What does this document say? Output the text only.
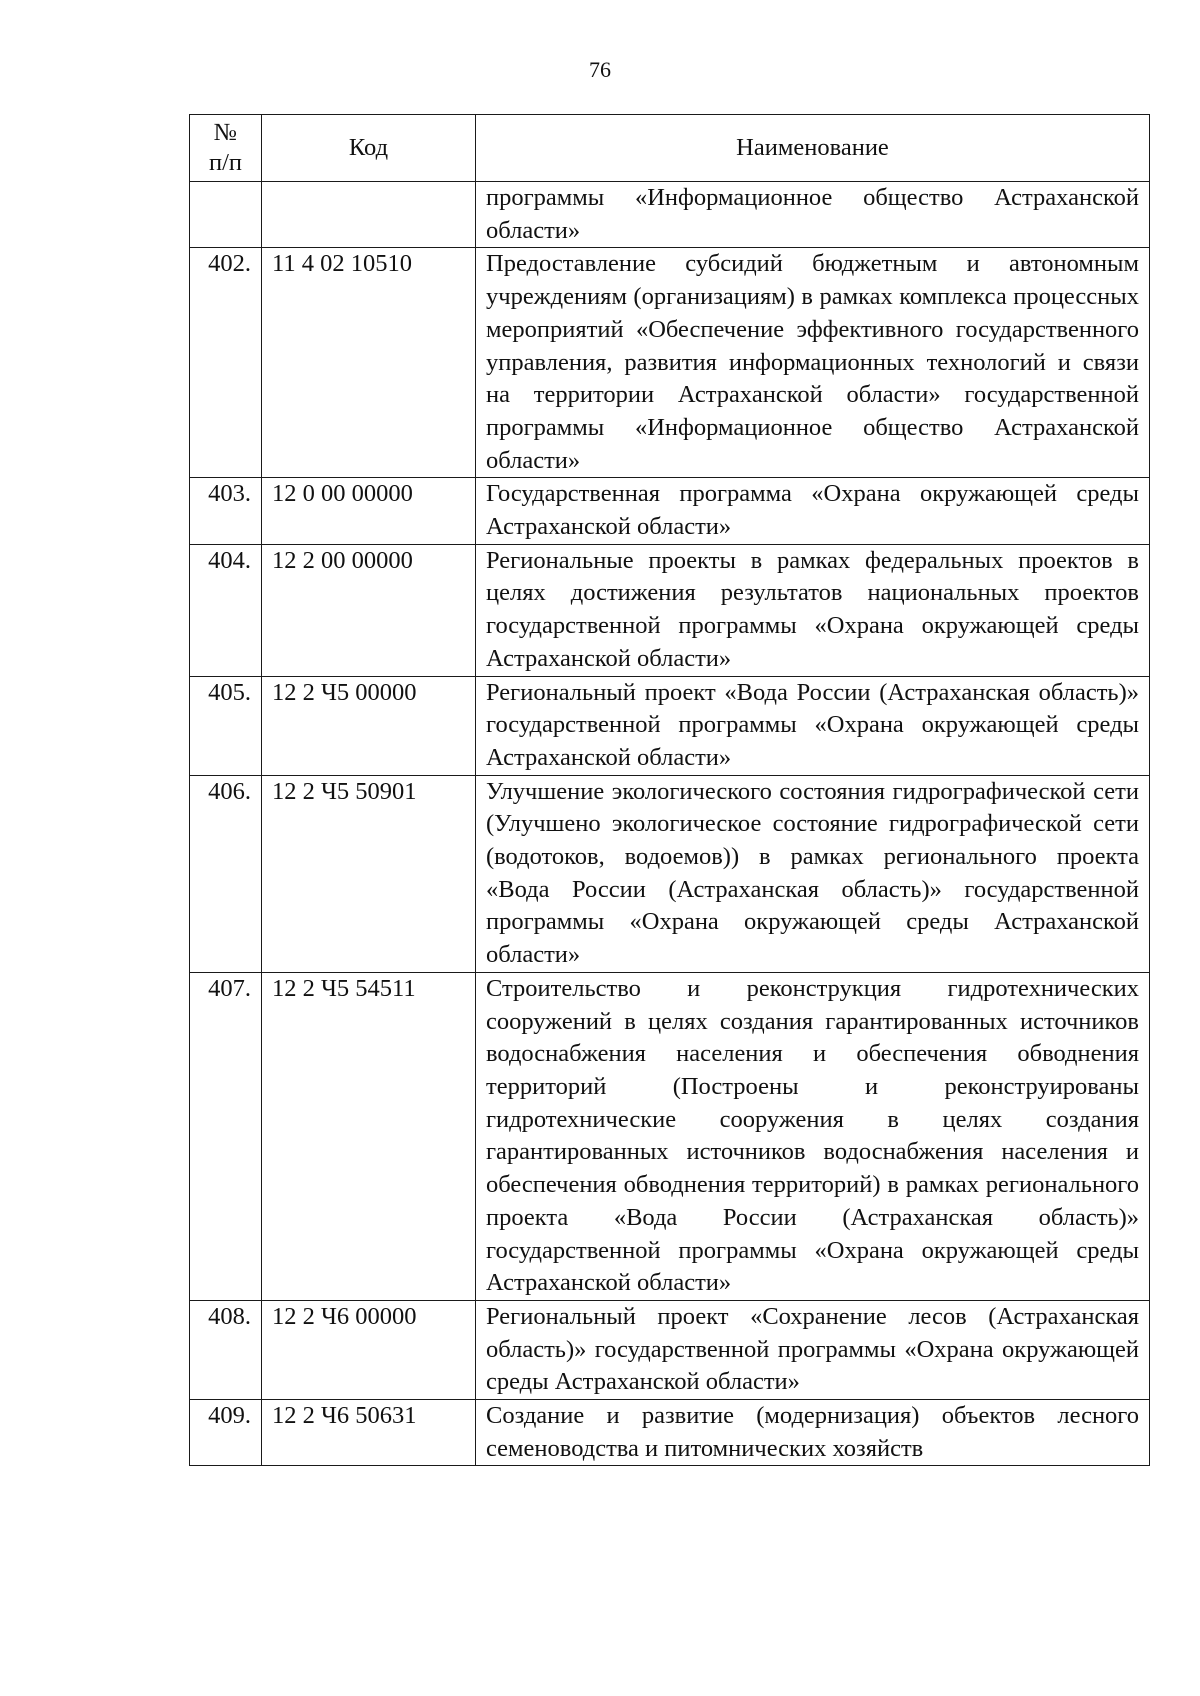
76
№ п/п	Код	Наименование
		программы «Информационное общество Астраханской области»
402.	11 4 02 10510	Предоставление субсидий бюджетным и автономным учреждениям (организациям) в рамках комплекса процессных мероприятий «Обеспечение эффективного государственного управления, развития информационных технологий и связи на территории Астраханской области» государственной программы «Информационное общество Астраханской области»
403.	12 0 00 00000	Государственная программа «Охрана окружающей среды Астраханской области»
404.	12 2 00 00000	Региональные проекты в рамках федеральных проектов в целях достижения результатов национальных проектов государственной программы «Охрана окружающей среды Астраханской области»
405.	12 2 Ч5 00000	Региональный проект «Вода России (Астраханская область)» государственной программы «Охрана окружающей среды Астраханской области»
406.	12 2 Ч5 50901	Улучшение экологического состояния гидрографической сети (Улучшено экологическое состояние гидрографической сети (водотоков, водоемов)) в рамках регионального проекта «Вода России (Астраханская область)» государственной программы «Охрана окружающей среды Астраханской области»
407.	12 2 Ч5 54511	Строительство и реконструкция гидротехнических сооружений в целях создания гарантированных источников водоснабжения населения и обеспечения обводнения территорий (Построены и реконструированы гидротехнические сооружения в целях создания гарантированных источников водоснабжения населения и обеспечения обводнения территорий) в рамках регионального проекта «Вода России (Астраханская область)» государственной программы «Охрана окружающей среды Астраханской области»
408.	12 2 Ч6 00000	Региональный проект «Сохранение лесов (Астраханская область)» государственной программы «Охрана окружающей среды Астраханской области»
409.	12 2 Ч6 50631	Создание и развитие (модернизация) объектов лесного семеноводства и питомнических хозяйств
